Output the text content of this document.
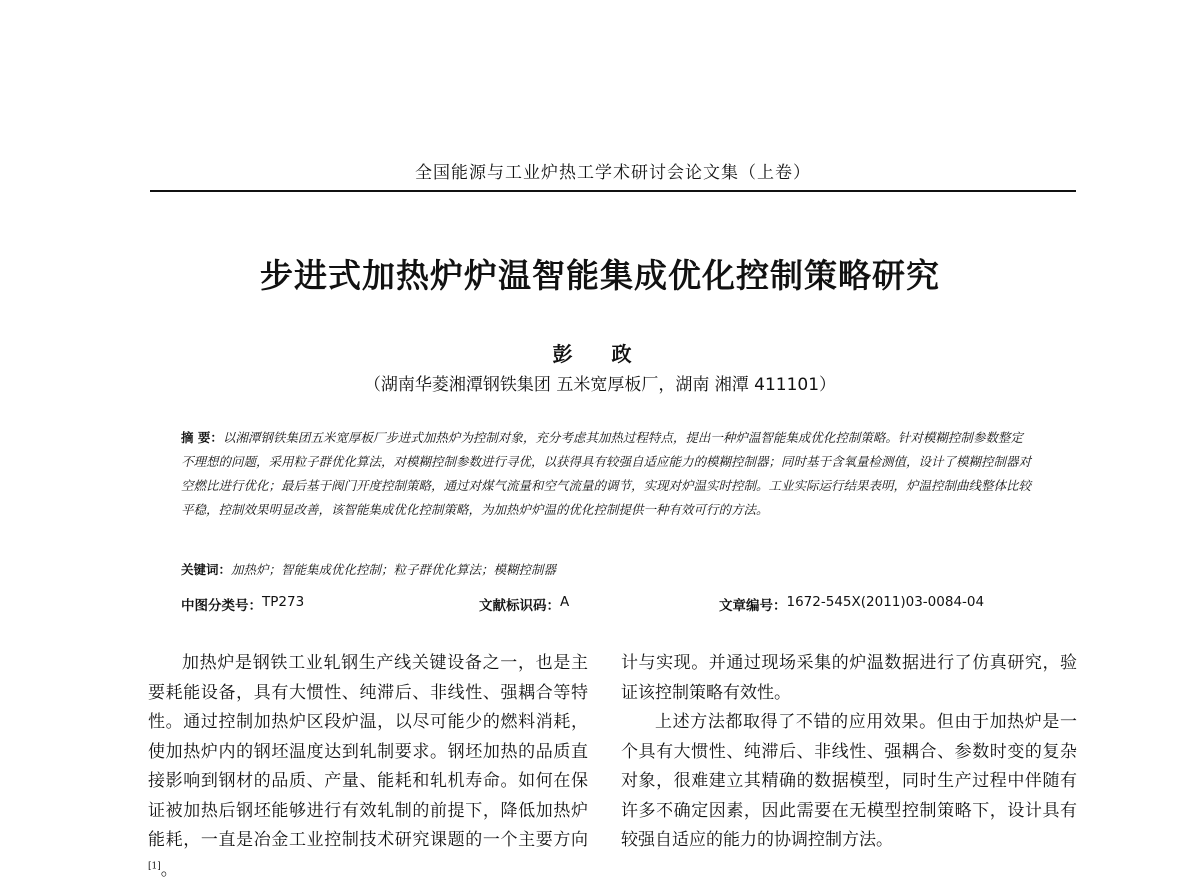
全国能源与工业炉热工学术研讨会论文集（上卷）
步进式加热炉炉温智能集成优化控制策略研究
彭 政
（湖南华菱湘潭钢铁集团 五米宽厚板厂，湖南 湘潭 411101）
摘 要：以湘潭钢铁集团五米宽厚板厂步进式加热炉为控制对象，充分考虑其加热过程特点，提出一种炉温智能集成优化控制策略。针对模糊控制参数整定不理想的问题，采用粒子群优化算法，对模糊控制参数进行寻优，以获得具有较强自适应能力的模糊控制器；同时基于含氧量检测值，设计了模糊控制器对空燃比进行优化；最后基于阀门开度控制策略，通过对煤气流量和空气流量的调节，实现对炉温实时控制。工业实际运行结果表明，炉温控制曲线整体比较平稳，控制效果明显改善，该智能集成优化控制策略，为加热炉炉温的优化控制提供一种有效可行的方法。
关键词：加热炉；智能集成优化控制；粒子群优化算法；模糊控制器
中图分类号： TP273	文献标识码： A	文章编号： 1672-545X(2011)03-0084-04

加热炉是钢铁工业轧钢生产线关键设备之一，也是主要耗能设备，具有大惯性、纯滞后、非线性、强耦合等特性。通过控制加热炉区段炉温，以尽可能少的燃料消耗，使加热炉内的钢坯温度达到轧制要求。钢坯加热的品质直接影响到钢材的品质、产量、能耗和轧机寿命。如何在保证被加热后钢坯能够进行有效轧制的前提下，降低加热炉能耗，一直是冶金工业控制技术研究课题的一个主要方向[1]。

计与实现。并通过现场采集的炉温数据进行了仿真研究，验证该控制策略有效性。

上述方法都取得了不错的应用效果。但由于加热炉是一个具有大惯性、纯滞后、非线性、强耦合、参数时变的复杂对象，很难建立其精确的数据模型，同时生产过程中伴随有许多不确定因素，因此需要在无模型控制策略下，设计具有较强自适应的能力的协调控制方法。
